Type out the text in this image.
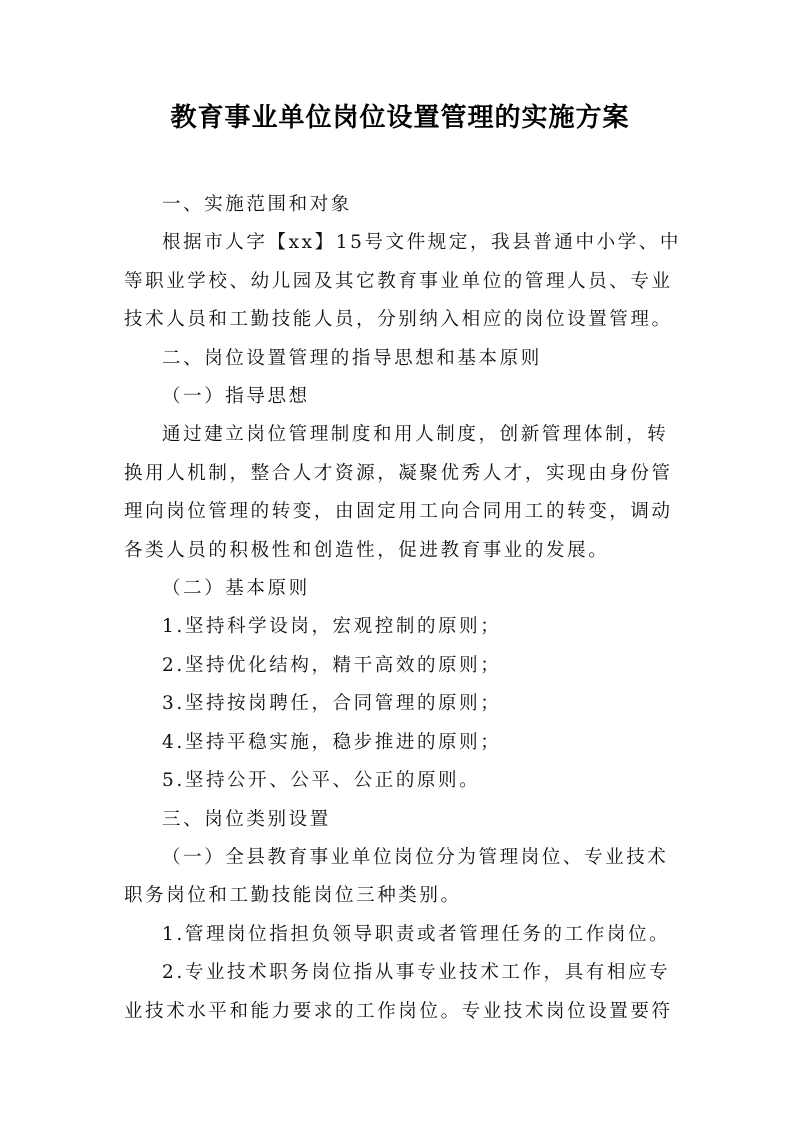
教育事业单位岗位设置管理的实施方案

一、实施范围和对象

根据市人字【xx】15号文件规定，我县普通中小学、中
等职业学校、幼儿园及其它教育事业单位的管理人员、专业
技术人员和工勤技能人员，分别纳入相应的岗位设置管理。

二、岗位设置管理的指导思想和基本原则

（一）指导思想

通过建立岗位管理制度和用人制度，创新管理体制，转
换用人机制，整合人才资源，凝聚优秀人才，实现由身份管
理向岗位管理的转变，由固定用工向合同用工的转变，调动
各类人员的积极性和创造性，促进教育事业的发展。

（二）基本原则

1.坚持科学设岗，宏观控制的原则；

2.坚持优化结构，精干高效的原则；

3.坚持按岗聘任，合同管理的原则；

4.坚持平稳实施，稳步推进的原则；

5.坚持公开、公平、公正的原则。

三、岗位类别设置

（一）全县教育事业单位岗位分为管理岗位、专业技术
职务岗位和工勤技能岗位三种类别。

1.管理岗位指担负领导职责或者管理任务的工作岗位。

2.专业技术职务岗位指从事专业技术工作，具有相应专
业技术水平和能力要求的工作岗位。专业技术岗位设置要符
